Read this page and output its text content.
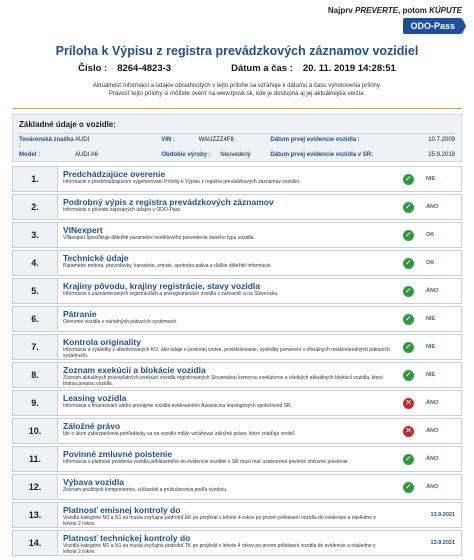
Najprv PREVERTE, potom KÚPUTE
ODO-Pass
Príloha k Výpisu z registra prevádzkových záznamov vozidiel
Číslo : 8264-4823-3	Dátum a čas : 20. 11. 2019 14:28:51
Aktuálnosť informácií a údajov obsiahnutých v tejto prílohe sa vzťahuje k dátumu a času vyhotovenia prílohy.
Pravosť tejto prílohy si môžete overiť na www.tpsvk.sk, kde je dostupná aj jej aktuálnejšia verzia.
Základné údaje o vozidle:
Továrenská značka :
AUDI	VIN :	WAUZZZ4F8	Dátum prvej evidencie vozidla :	10.7.2009
Model :	AUDI A6	Obdobie výroby :	Neuvedený	Dátum prvej evidencie vozidla v SR:	25.9.2019
1.	Predchádzajúce overenie
Informácie o predchádzajúcom vygenerovaní Prílohy k Výpisu z registra prevádzkových záznamov vozidiel.	✓	NIE
2.	Podrobný výpis z registra prevádzkových záznamov
Informácie o pôvode zapísaných údajov v ODO-Pass	✓	ÁNO
3.	VINexpert
VINexpert špecifikuje dôležité parametre modelového prevedenia daného typu vozidla.	✓	OK
4.	Technické údaje
Parametre motora, prevodovky, karosérie, emisie, spotreba paliva a ďalšie dôležité informácie.	✓	OK
5.	Krajiny pôvodu, krajiny registrácie, stavy vozidla
Informácie o zaznamenaných registráciách a preregistráciách vozidla v zahraničí a na Slovensku.	✓	ÁNO
6.	Pátranie
Overenie vozidla v národných pátracích systémoch.	✓	NIE
7.	Kontrola originality
Informácie a výsledky z absolvovaných KO, ako údaje o povinnej vrstve, protokolovanie, výsledky preverení v oficiálnych medzinárodných pátracích systémoch.
✓	NIE
8.	Zoznam exekúcií a blokácie vozidla
Zoznam aktuálnych právoplatných exekúcií vozidla registrovaných Slovenskou komorou exekútorov a všetkých aktuálnych blokácií vozidla, ktoré bránia prepisu vozidla.
✓	NIE
9.	Leasing vozidla
Informácia o financovaní alebo prenájme vozidla evidovaného Asociáciou leasingových spoločností SR.	✕	ÁNO
10.	Záložné právo
Ide o úkon zabezpečenia pohľadávky sa na vozidlo môže vzťahovať záložné právo, ktoré zriaďuje veriteľ.	✕	ÁNO
11.	Povinné zmluvné poistenie
Informácia o platnosti poistenia vozidla prihláseného do evidencie vozidiel v SR musí mať uzatvorené povinné zmluvné poistenie.	✓	ÁNO
12.	Výbava vozidla
Zoznam použitých komponentov, súčiastok a príslušenstva podľa výrobcu.	✓	ÁNO
13.	Platnosť emisnej kontroly do
Vozidlá kategórie M1 a N1 sa musia zvyčajne podrobiť EK po prvýkrát v lehote 4 rokov po prvom prihlásení vozidla do evidencie a následne v lehote 2 rokov.
13.9.2021
14.	Platnosť technickej kontroly do
Vozidlá kategórie M1 a N1 sa musia zvyčajne podrobiť TK po prvýkrát v lehote 4 rokov po prvom prihlásení vozidla do evidencie a následne v lehote 2 rokov.
13.9.2021
